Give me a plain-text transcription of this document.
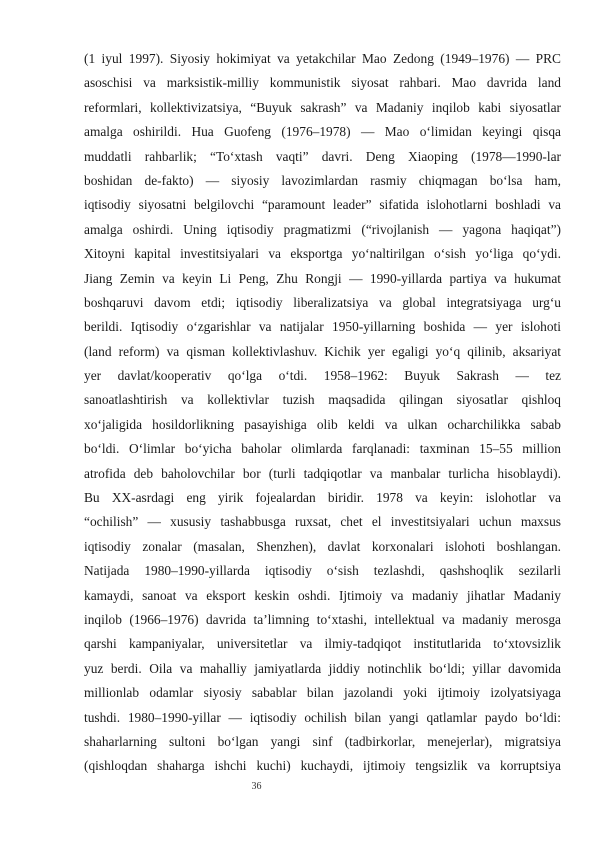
(1 iyul 1997). Siyosiy hokimiyat va yetakchilar Mao Zedong (1949–1976) — PRC
asoschisi va marksistik-milliy kommunistik siyosat rahbari. Mao davrida land
reformlari, kollektivizatsiya, “Buyuk sakrash” va Madaniy inqilob kabi siyosatlar
amalga oshirildi. Hua Guofeng (1976–1978) — Mao o‘limidan keyingi qisqa
muddatli rahbarlik; “To‘xtash vaqti” davri. Deng Xiaoping (1978—1990-lar
boshidan de-fakto) — siyosiy lavozimlardan rasmiy chiqmagan bo‘lsa ham,
iqtisodiy siyosatni belgilovchi “paramount leader” sifatida islohotlarni boshladi va
amalga oshirdi. Uning iqtisodiy pragmatizmi (“rivojlanish — yagona haqiqat”)
Xitoyni kapital investitsiyalari va eksportga yo‘naltirilgan o‘sish yo‘liga qo‘ydi.
Jiang Zemin va keyin Li Peng, Zhu Rongji — 1990-yillarda partiya va hukumat
boshqaruvi davom etdi; iqtisodiy liberalizatsiya va global integratsiyaga urg‘u
berildi. Iqtisodiy o‘zgarishlar va natijalar 1950-yillarning boshida — yer islohoti
(land reform) va qisman kollektivlashuv. Kichik yer egaligi yo‘q qilinib, aksariyat
yer davlat/kooperativ qo‘lga o‘tdi. 1958–1962: Buyuk Sakrash — tez
sanoatlashtirish va kollektivlar tuzish maqsadida qilingan siyosatlar qishloq
xo‘jaligida hosildorlikning pasayishiga olib keldi va ulkan ocharchilikka sabab
bo‘ldi. O‘limlar bo‘yicha baholar olimlarda farqlanadi: taxminan 15–55 million
atrofida deb baholovchilar bor (turli tadqiqotlar va manbalar turlicha hisoblaydi).
Bu XX-asrdagi eng yirik fojealardan biridir. 1978 va keyin: islohotlar va
“ochilish” — xususiy tashabbusga ruxsat, chet el investitsiyalari uchun maxsus
iqtisodiy zonalar (masalan, Shenzhen), davlat korxonalari islohoti boshlangan.
Natijada 1980–1990-yillarda iqtisodiy o‘sish tezlashdi, qashshoqlik sezilarli
kamaydi, sanoat va eksport keskin oshdi. Ijtimoiy va madaniy jihatlar Madaniy
inqilob (1966–1976) davrida ta’limning to‘xtashi, intellektual va madaniy merosga
qarshi kampaniyalar, universitetlar va ilmiy-tadqiqot institutlarida to‘xtovsizlik
yuz berdi. Oila va mahalliy jamiyatlarda jiddiy notinchlik bo‘ldi; yillar davomida
millionlab odamlar siyosiy sabablar bilan jazolandi yoki ijtimoiy izolyatsiyaga
tushdi. 1980–1990-yillar — iqtisodiy ochilish bilan yangi qatlamlar paydo bo‘ldi:
shaharlarning sultoni bo‘lgan yangi sinf (tadbirkorlar, menejerlar), migratsiya
(qishloqdan shaharga ishchi kuchi) kuchaydi, ijtimoiy tengsizlik va korruptsiya
36
